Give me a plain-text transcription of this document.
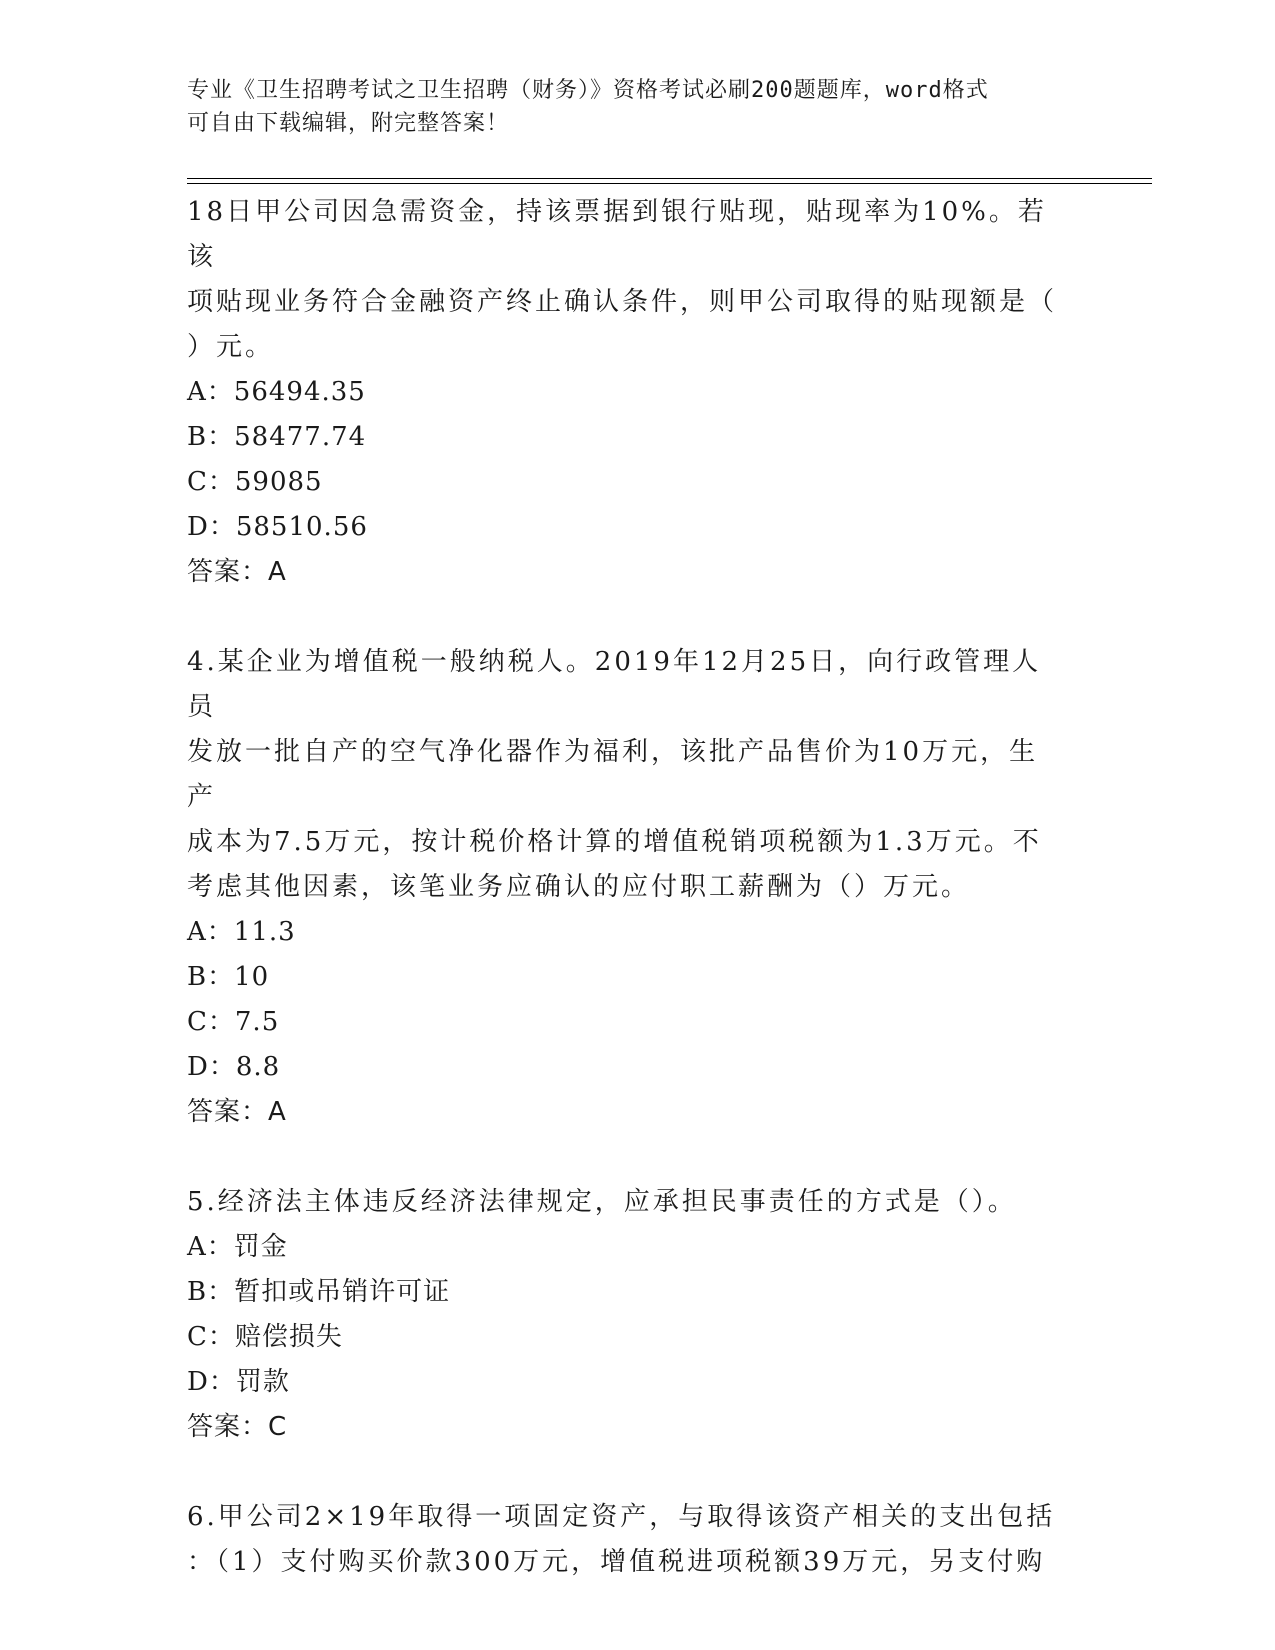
专业《卫生招聘考试之卫生招聘（财务）》资格考试必刷200题题库，word格式
可自由下载编辑，附完整答案！

18日甲公司因急需资金，持该票据到银行贴现，贴现率为10%。若该

项贴现业务符合金融资产终止确认条件，则甲公司取得的贴现额是（

）元。

A：56494.35

B：58477.74

C：59085

D：58510.56

答案：A

4.某企业为增值税一般纳税人。2019年12月25日，向行政管理人员

发放一批自产的空气净化器作为福利，该批产品售价为10万元，生产

成本为7.5万元，按计税价格计算的增值税销项税额为1.3万元。不

考虑其他因素，该笔业务应确认的应付职工薪酬为（）万元。

A：11.3

B：10

C：7.5

D：8.8

答案：A

5.经济法主体违反经济法律规定，应承担民事责任的方式是（）。

A：罚金

B：暂扣或吊销许可证

C：赔偿损失

D：罚款

答案：C

6.甲公司2×19年取得一项固定资产，与取得该资产相关的支出包括

：（1）支付购买价款300万元，增值税进项税额39万元，另支付购
